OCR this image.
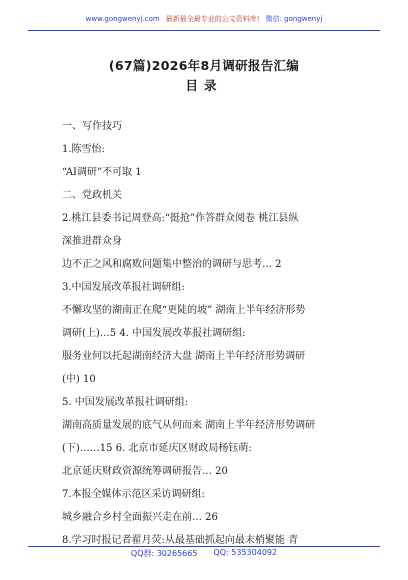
www.gongwenyj.com 最新最全最专业的公文资料库! 微信: gongwenyj
(67篇)2026年8月调研报告汇编
目录
一、写作技巧
1.陈雪怡:
“AI调研”不可取 1
二、党政机关
2.桃江县委书记周登高:“挺抢”作答群众阅卷 桃江县纵
深推进群众身
边不正之风和腐败问题集中整治的调研与思考… 2
3.中国发展改革报社调研组:
不懈攻坚的湖南正在爬“更陡的坡” 湖南上半年经济形势
调研(上)…5 4. 中国发展改革报社调研组:
服务业何以托起湖南经济大盘 湖南上半年经济形势调研
(中) 10
5. 中国发展改革报社调研组:
湖南高质量发展的底气从何而来 湖南上半年经济形势调研
(下)……15 6. 北京市延庆区财政局杨钰萌:
北京延庆财政资源统筹调研报告… 20
7.本报全媒体示范区采访调研组:
城乡融合乡村全面振兴走在前… 26
8.学习时报记者翟月荧:从最基础抓起向最末梢聚能 青
QQ群: 30265665 QQ: 535304092
